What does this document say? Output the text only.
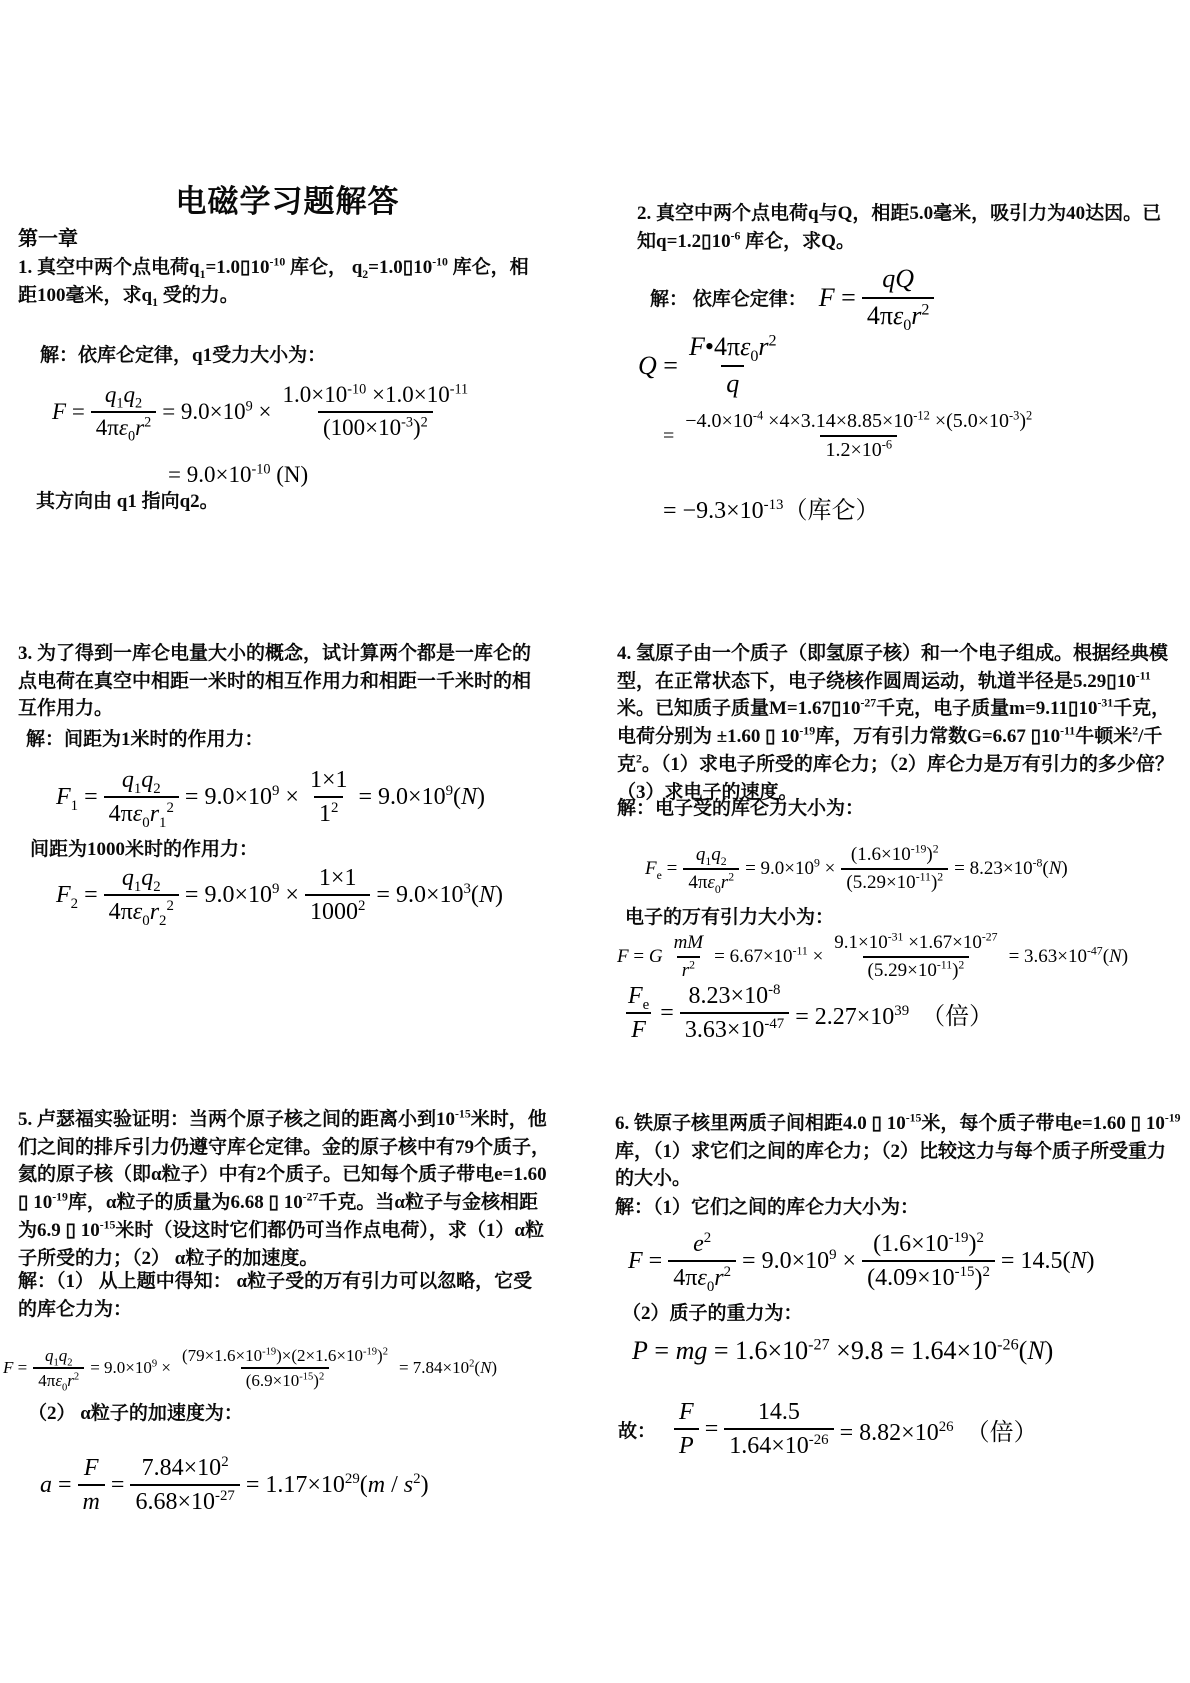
电磁学习题解答
第一章
1. 真空中两个点电荷$q_1=1.0▯10^{-10}$ 库仑， $q_2=1.0▯10^{-10}$ 库仑，相距100毫米，求$q_1$ 受的力。
解：依库仑定律，q1受力大小为：
$F = \frac{q_1q_2}{4\pi\varepsilon_0r^2} = 9.0\times 10^9 \times \frac{1.0\times 10^{-10} \times 1.0\times 10^{-11}}{(100\times 10^{-3})^2}$
= $9.0\times 10^{-10}$ (N)
其方向由 q1 指向q2。
2. 真空中两个点电荷q与Q，相距5.0毫米，吸引力为40达因。已知$q=1.2▯10^{-6}$ 库仑，求Q。
解： 依库仑定律： $F = \frac{qQ}{4\pi\varepsilon_0r^2}$
$Q = \frac{F•4\pi\varepsilon_0r^2}{q}$
= $\frac{-4.0\times 10^{-4} \times 4\times 3.14\times 8.85\times 10^{-12} \times(5.0\times 10^{-3})^2}{1.2\times 10^{-6}}$
= $-9.3\times 10^{-13}$（库仑）
3. 为了得到一库仑电量大小的概念，试计算两个都是一库仑的点电荷在真空中相距一米时的相互作用力和相距一千米时的相互作用力。
解：间距为1米时的作用力：
$F_1 = \frac{q_1q_2}{4\pi\varepsilon_0r_1^2} = 9.0\times 10^9 \times \frac{1\times 1}{1^2} = 9.0\times 10^9(N)$
间距为1000米时的作用力：
$F_2 = \frac{q_1q_2}{4\pi\varepsilon_0r_2^2} = 9.0\times 10^9 \times \frac{1\times 1}{1000^2} = 9.0\times 10^3(N)$
4. 氢原子由一个质子（即氢原子核）和一个电子组成。根据经典模型，在正常状态下，电子绕核作圆周运动，轨道半径是$5.29▯10^{-11}$米。已知质子质量$M=1.67▯10^{-27}$千克，电子质量$m=9.11▯10^{-31}$千克，电荷分别为 ±1.60 ▯ $10^{-19}$库，万有引力常数G=6.67 $▯10^{-11}$牛顿米$^2$/千克$^2$。（1）求电子所受的库仑力；（2）库仑力是万有引力的多少倍？（3）求电子的速度。
解：电子受的库仑力大小为：
$F_e = \frac{q_1q_2}{4\pi\varepsilon_0r^2} = 9.0\times 10^9 \times \frac{(1.6\times 10^{-19})^2}{(5.29\times 10^{-11})^2} = 8.23\times 10^{-8}(N)$
电子的万有引力大小为：
F = G $\frac{mM}{r^2} = 6.67\times 10^{-11} \times \frac{9.1\times 10^{-31} \times 1.67\times 10^{-27}}{(5.29\times 10^{-11})^2} = 3.63\times 10^{-47}(N)$
$\frac{F_e}{F} = \frac{8.23\times 10^{-8}}{3.63\times 10^{-47}} = 2.27\times 10^{39}$  （倍）
5. 卢瑟福实验证明：当两个原子核之间的距离小到$10^{-15}$米时，他们之间的排斥引力仍遵守库仑定律。金的原子核中有79个质子，氦的原子核（即α粒子）中有2个质子。已知每个质子带电e=1.60 ▯ $10^{-19}$库，α粒子的质量为6.68 ▯ $10^{-27}$千克。当α粒子与金核相距为6.9 ▯ $10^{-15}$米时（设这时它们都仍可当作点电荷），求（1）α粒子所受的力；（2） α粒子的加速度。
解：（1） 从上题中得知： α粒子受的万有引力可以忽略，它受的库仑力为：
$F = \frac{q_1q_2}{4\pi\varepsilon_0r^2} = 9.0\times 10^9 \times \frac{(79\times 1.6\times 10^{-19})\times(2\times 1.6\times 10^{-19})^2}{(6.9\times 10^{-15})^2} = 7.84\times 10^2(N)$
（2） α粒子的加速度为：
$a = \frac{F}{m} = \frac{7.84\times 10^2}{6.68\times 10^{-27}} = 1.17\times 10^{29}(m / s^2)$
6. 铁原子核里两质子间相距4.0 ▯ $10^{-15}$米，每个质子带电e=1.60 ▯ $10^{-19}$库，（1）求它们之间的库仑力；（2）比较这力与每个质子所受重力的大小。
解：（1）它们之间的库仑力大小为：
$F = \frac{e^2}{4\pi\varepsilon_0r^2} = 9.0\times 10^9 \times \frac{(1.6\times 10^{-19})^2}{(4.09\times 10^{-15})^2} = 14.5(N)$
（2）质子的重力为：
P = mg = $1.6\times 10^{-27} \times 9.8 = 1.64\times 10^{-26}(N)$
故： $\frac{F}{P} = \frac{14.5}{1.64\times 10^{-26}} = 8.82\times 10^{26}$  （倍）
